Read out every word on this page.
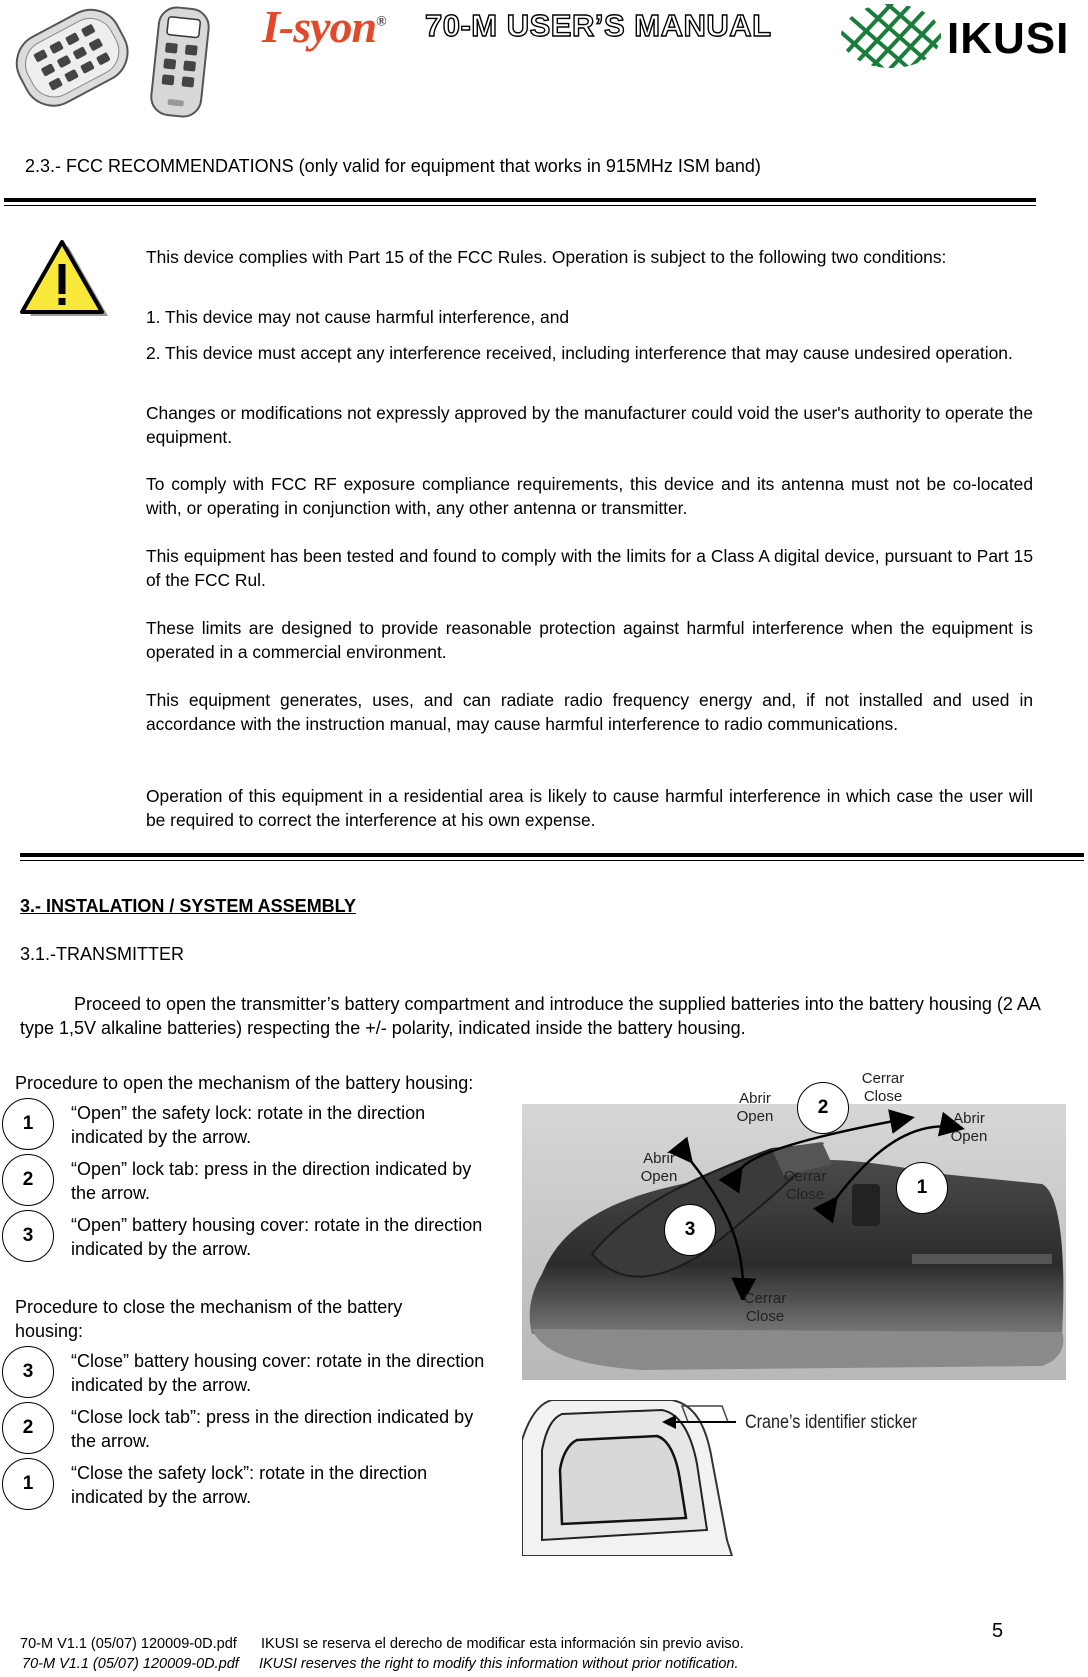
I-syon® 70-M USER’S MANUAL	IKUSI
2.3.- FCC RECOMMENDATIONS (only valid for equipment that works in 915MHz ISM band)
This device complies with Part 15 of the FCC Rules. Operation is subject to the following two conditions:
1. This device may not cause harmful interference, and
2. This device must accept any interference received, including interference that may cause undesired operation.
Changes or modifications not expressly approved by the manufacturer could void the user's authority to operate the equipment.
To comply with FCC RF exposure compliance requirements, this device and its antenna must not be co-located with, or operating in conjunction with, any other antenna or transmitter.
This equipment has been tested and found to comply with the limits for a Class A digital device, pursuant to Part 15 of the FCC Rul.
These limits are designed to provide reasonable protection against harmful interference when the equipment is operated in a commercial environment.
This equipment generates, uses, and can radiate radio frequency energy and, if not installed and used in accordance with the instruction manual, may cause harmful interference to radio communications.
Operation of this equipment in a residential area is likely to cause harmful interference in which case the user will be required to correct the interference at his own expense.
3.- INSTALATION / SYSTEM ASSEMBLY
3.1.-TRANSMITTER
Proceed to open the transmitter’s battery compartment and introduce the supplied batteries into the battery housing (2 AA type 1,5V alkaline batteries) respecting the +/- polarity, indicated inside the battery housing.
Procedure to open the mechanism of the battery housing:
1	“Open” the safety lock: rotate in the direction indicated by the arrow.
2	“Open” lock tab: press in the direction indicated by the arrow.
3	“Open” battery housing cover: rotate in the direction indicated by the arrow.
Procedure to close the mechanism of the battery housing:
3	“Close” battery housing cover: rotate in the direction indicated by the arrow.
2	“Close lock tab”: press in the direction indicated by the arrow.
1	“Close the safety lock”: rotate in the direction indicated by the arrow.
2
1
3
Abrir
Open
Cerrar
Close
Abrir
Open
Abrir
Open	Cerrar
Close
Cerrar
Close
Crane’s identifier sticker
70-M V1.1 (05/07) 120009-0D.pdf      IKUSI se reserva el derecho de modificar esta información sin previo aviso.
70-M V1.1 (05/07) 120009-0D.pdf     IKUSI reserves the right to modify this information without prior notification.
5
